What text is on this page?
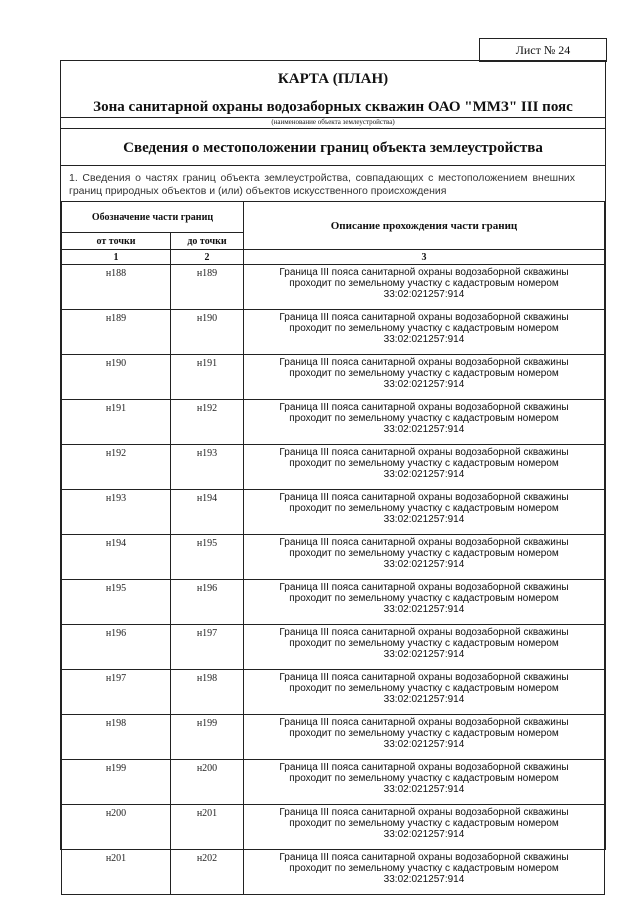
Лист № 24
КАРТА (ПЛАН)
Зона санитарной охраны водозаборных скважин ОАО "ММЗ" III пояс
(наименование объекта землеустройства)
Сведения о местоположении границ объекта землеустройства
1. Сведения о частях границ объекта землеустройства, совпадающих с местоположением внешних границ природных объектов и (или) объектов искусственного происхождения
Обозначение части границ		Описание прохождения части границ
от точки	до точки	
1	2	3
н188	н189	Граница III пояса санитарной охраны водозаборной скважины
проходит по земельному участку с кадастровым номером
33:02:021257:914

н189	н190	Граница III пояса санитарной охраны водозаборной скважины
проходит по земельному участку с кадастровым номером
33:02:021257:914

н190	н191	Граница III пояса санитарной охраны водозаборной скважины
проходит по земельному участку с кадастровым номером
33:02:021257:914

н191	н192	Граница III пояса санитарной охраны водозаборной скважины
проходит по земельному участку с кадастровым номером
33:02:021257:914

н192	н193	Граница III пояса санитарной охраны водозаборной скважины
проходит по земельному участку с кадастровым номером
33:02:021257:914

н193	н194	Граница III пояса санитарной охраны водозаборной скважины
проходит по земельному участку с кадастровым номером
33:02:021257:914

н194	н195	Граница III пояса санитарной охраны водозаборной скважины
проходит по земельному участку с кадастровым номером
33:02:021257:914

н195	н196	Граница III пояса санитарной охраны водозаборной скважины
проходит по земельному участку с кадастровым номером
33:02:021257:914

н196	н197	Граница III пояса санитарной охраны водозаборной скважины
проходит по земельному участку с кадастровым номером
33:02:021257:914

н197	н198	Граница III пояса санитарной охраны водозаборной скважины
проходит по земельному участку с кадастровым номером
33:02:021257:914

н198	н199	Граница III пояса санитарной охраны водозаборной скважины
проходит по земельному участку с кадастровым номером
33:02:021257:914

н199	н200	Граница III пояса санитарной охраны водозаборной скважины
проходит по земельному участку с кадастровым номером
33:02:021257:914

н200	н201	Граница III пояса санитарной охраны водозаборной скважины
проходит по земельному участку с кадастровым номером
33:02:021257:914

н201	н202	Граница III пояса санитарной охраны водозаборной скважины
проходит по земельному участку с кадастровым номером
33:02:021257:914
